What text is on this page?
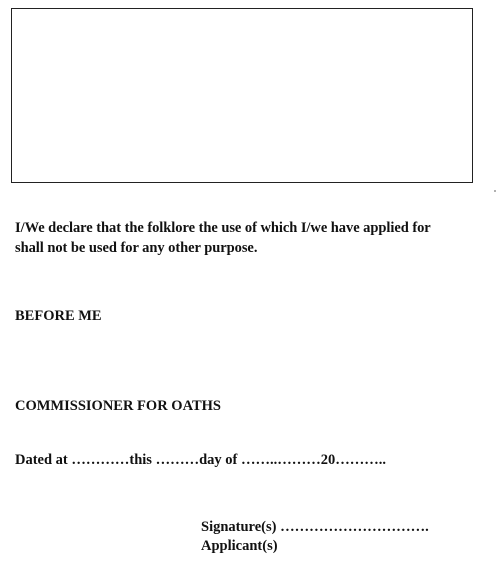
I/We declare that the folklore the use of which I/we have applied for
shall not be used for any other purpose.

BEFORE ME

COMMISSIONER FOR OATHS

Dated at …………this ………day of ……..………20………..

Signature(s) ………………………….

Applicant(s)
